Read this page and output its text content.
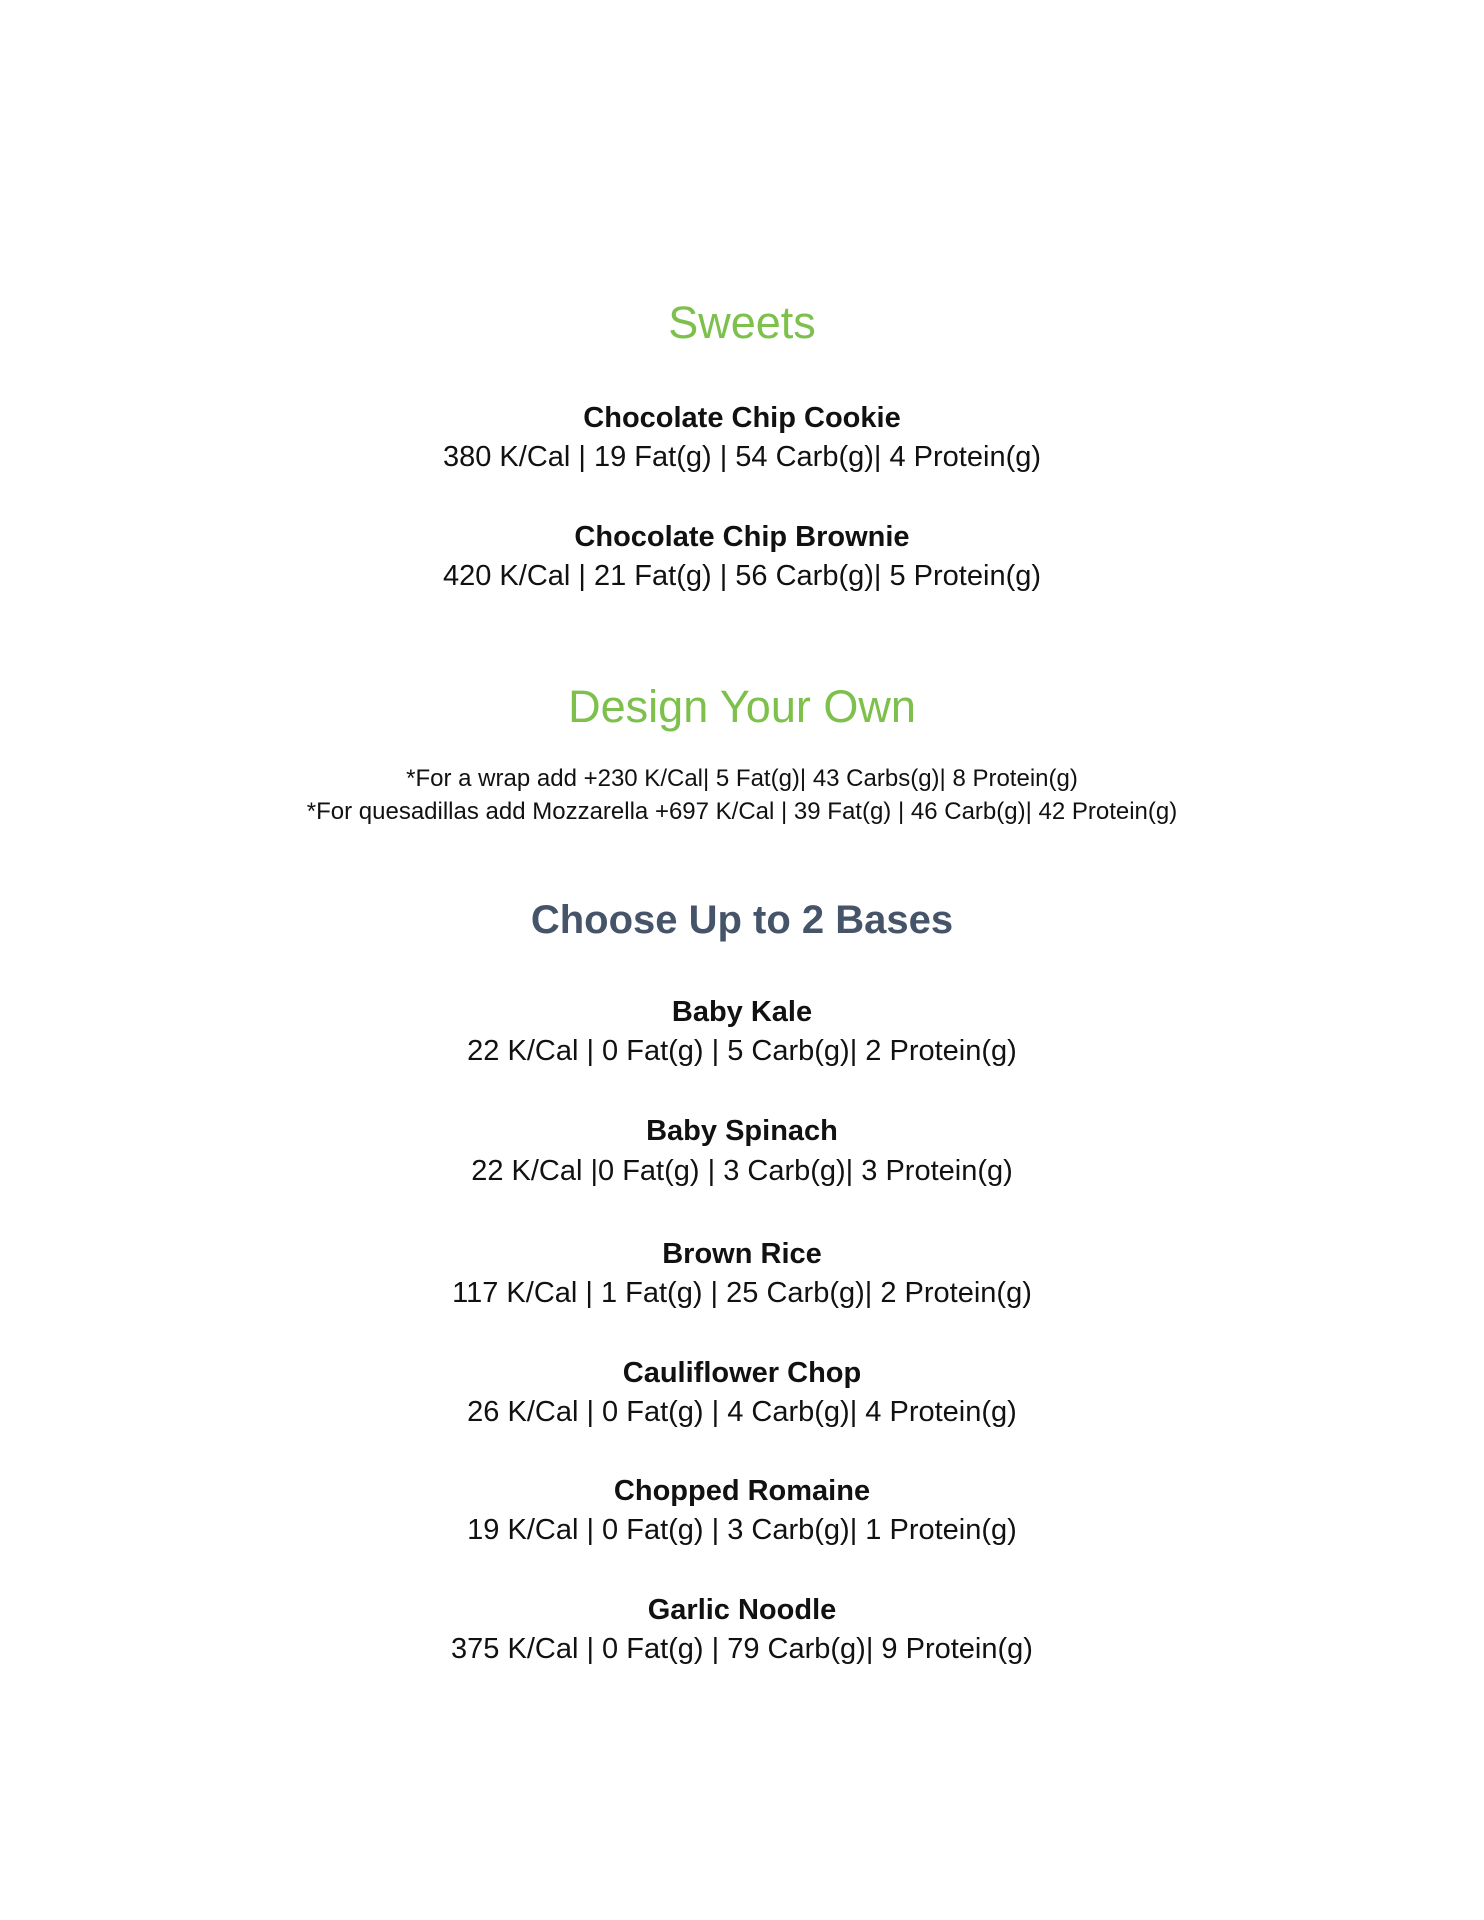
Sweets
Chocolate Chip Cookie
380 K/Cal | 19 Fat(g) | 54 Carb(g)| 4 Protein(g)
Chocolate Chip Brownie
420 K/Cal | 21 Fat(g) | 56 Carb(g)| 5 Protein(g)
Design Your Own
*For a wrap add +230 K/Cal| 5 Fat(g)| 43 Carbs(g)| 8 Protein(g)
*For quesadillas add Mozzarella +697 K/Cal | 39 Fat(g) | 46 Carb(g)| 42 Protein(g)
Choose Up to 2 Bases
Baby Kale
22 K/Cal | 0 Fat(g) | 5 Carb(g)| 2 Protein(g)
Baby Spinach
22 K/Cal |0 Fat(g) | 3 Carb(g)| 3 Protein(g)
Brown Rice
117 K/Cal | 1 Fat(g) | 25 Carb(g)| 2 Protein(g)
Cauliflower Chop
26 K/Cal | 0 Fat(g) | 4 Carb(g)| 4 Protein(g)
Chopped Romaine
19 K/Cal | 0 Fat(g) | 3 Carb(g)| 1 Protein(g)
Garlic Noodle
375 K/Cal | 0 Fat(g) | 79 Carb(g)| 9 Protein(g)
